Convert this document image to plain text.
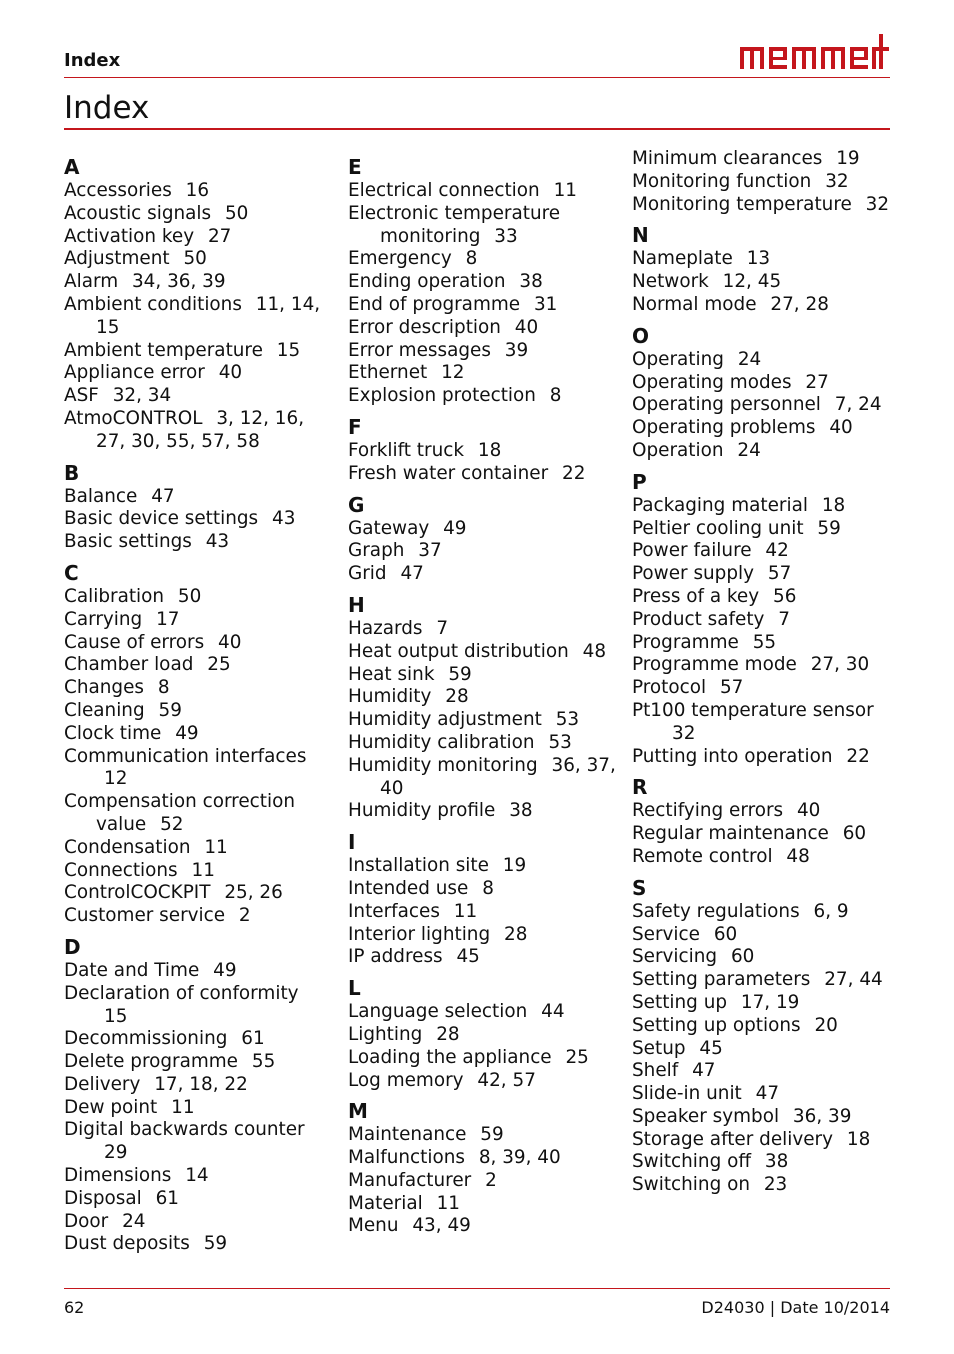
Index
Index
A
Accessories 16
Acoustic signals 50
Activation key 27
Adjustment 50
Alarm 34, 36, 39
Ambient conditions 11, 14, 15
Ambient temperature 15
Appliance error 40
ASF 32, 34
AtmoCONTROL 3, 12, 16, 27, 30, 55, 57, 58
B
Balance 47
Basic device settings 43
Basic settings 43
C
Calibration 50
Carrying 17
Cause of errors 40
Chamber load 25
Changes 8
Cleaning 59
Clock time 49
Communication interfaces 12
Compensation correction value 52
Condensation 11
Connections 11
ControlCOCKPIT 25, 26
Customer service 2
D
Date and Time 49
Declaration of conformity 15
Decommissioning 61
Delete programme 55
Delivery 17, 18, 22
Dew point 11
Digital backwards counter 29
Dimensions 14
Disposal 61
Door 24
Dust deposits 59
E
Electrical connection 11
Electronic temperature monitoring 33
Emergency 8
Ending operation 38
End of programme 31
Error description 40
Error messages 39
Ethernet 12
Explosion protection 8
F
Forklift truck 18
Fresh water container 22
G
Gateway 49
Graph 37
Grid 47
H
Hazards 7
Heat output distribution 48
Heat sink 59
Humidity 28
Humidity adjustment 53
Humidity calibration 53
Humidity monitoring 36, 37, 40
Humidity profile 38
I
Installation site 19
Intended use 8
Interfaces 11
Interior lighting 28
IP address 45
L
Language selection 44
Lighting 28
Loading the appliance 25
Log memory 42, 57
M
Maintenance 59
Malfunctions 8, 39, 40
Manufacturer 2
Material 11
Menu 43, 49
Minimum clearances 19
Monitoring function 32
Monitoring temperature 32
N
Nameplate 13
Network 12, 45
Normal mode 27, 28
O
Operating 24
Operating modes 27
Operating personnel 7, 24
Operating problems 40
Operation 24
P
Packaging material 18
Peltier cooling unit 59
Power failure 42
Power supply 57
Press of a key 56
Product safety 7
Programme 55
Programme mode 27, 30
Protocol 57
Pt100 temperature sensor 32
Putting into operation 22
R
Rectifying errors 40
Regular maintenance 60
Remote control 48
S
Safety regulations 6, 9
Service 60
Servicing 60
Setting parameters 27, 44
Setting up 17, 19
Setting up options 20
Setup 45
Shelf 47
Slide-in unit 47
Speaker symbol 36, 39
Storage after delivery 18
Switching off 38
Switching on 23
62	D24030 | Date 10/2014
